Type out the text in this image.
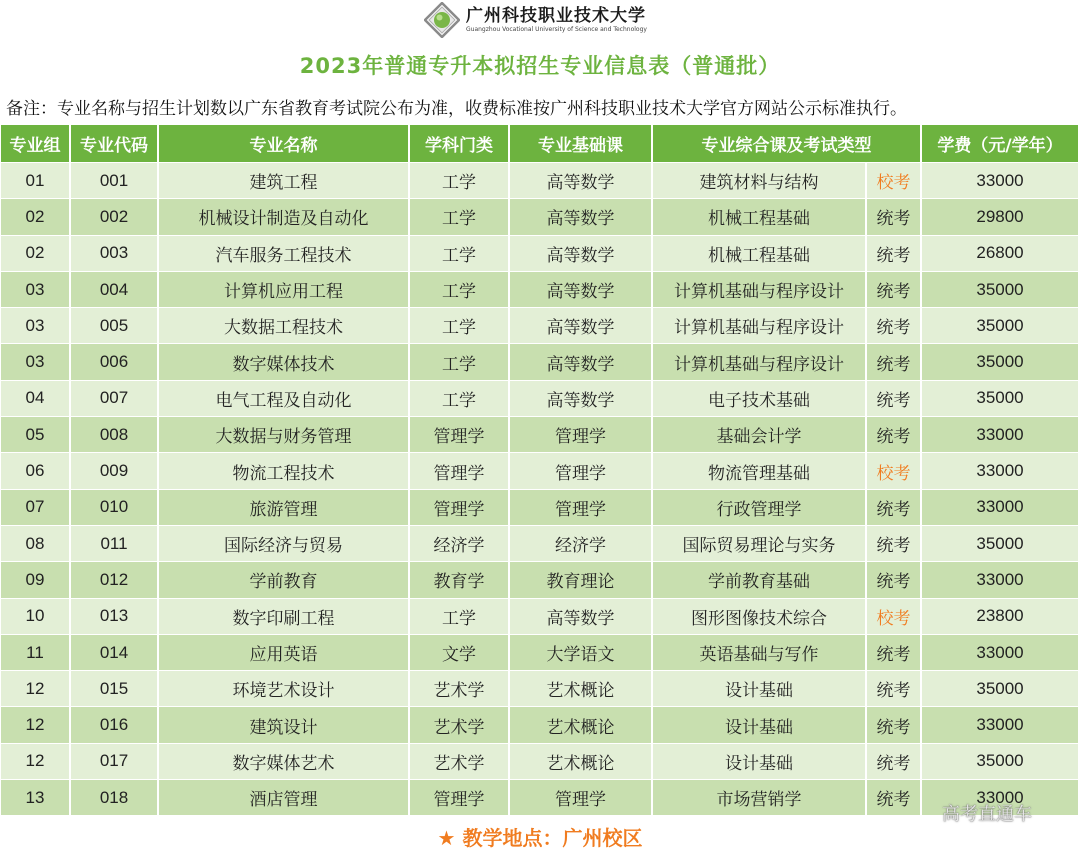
广州科技职业技术大学
Guangzhou Vocational University of Science and Technology
2023年普通专升本拟招生专业信息表（普通批）
备注：专业名称与招生计划数以广东省教育考试院公布为准，收费标准按广州科技职业技术大学官方网站公示标准执行。
专业组	专业代码	专业名称	学科门类	专业基础课	专业综合课及考试类型		学费（元/学年）
01	001	建筑工程	工学	高等数学	建筑材料与结构	校考	33000
02	002	机械设计制造及自动化	工学	高等数学	机械工程基础	统考	29800
02	003	汽车服务工程技术	工学	高等数学	机械工程基础	统考	26800
03	004	计算机应用工程	工学	高等数学	计算机基础与程序设计	统考	35000
03	005	大数据工程技术	工学	高等数学	计算机基础与程序设计	统考	35000
03	006	数字媒体技术	工学	高等数学	计算机基础与程序设计	统考	35000
04	007	电气工程及自动化	工学	高等数学	电子技术基础	统考	35000
05	008	大数据与财务管理	管理学	管理学	基础会计学	统考	33000
06	009	物流工程技术	管理学	管理学	物流管理基础	校考	33000
07	010	旅游管理	管理学	管理学	行政管理学	统考	33000
08	011	国际经济与贸易	经济学	经济学	国际贸易理论与实务	统考	35000
09	012	学前教育	教育学	教育理论	学前教育基础	统考	33000
10	013	数字印刷工程	工学	高等数学	图形图像技术综合	校考	23800
11	014	应用英语	文学	大学语文	英语基础与写作	统考	33000
12	015	环境艺术设计	艺术学	艺术概论	设计基础	统考	35000
12	016	建筑设计	艺术学	艺术概论	设计基础	统考	33000
12	017	数字媒体艺术	艺术学	艺术概论	设计基础	统考	35000
13	018	酒店管理	管理学	管理学	市场营销学	统考	33000
★ 教学地点：广州校区
高考直通车
